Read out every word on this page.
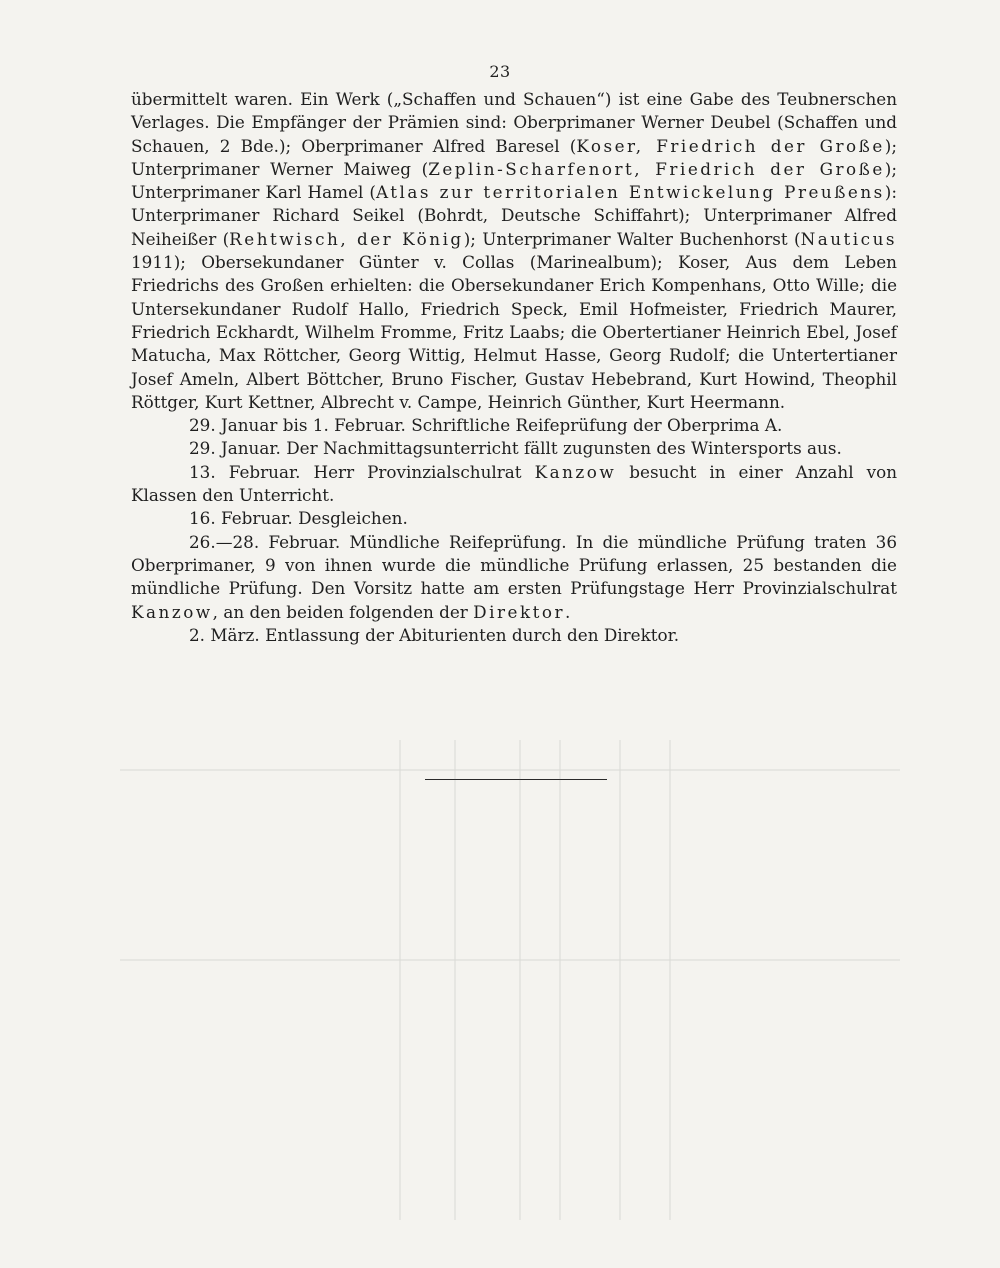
23

übermittelt waren. Ein Werk („Schaffen und Schauen“) ist eine Gabe des Teubnerschen Verlages. Die Empfänger der Prämien sind: Oberprimaner Werner Deubel (Schaffen und Schauen, 2 Bde.); Oberprimaner Alfred Baresel (Koser, Friedrich der Große); Unterprimaner Werner Maiweg (Zeplin-Scharfenort, Friedrich der Große); Unterprimaner Karl Hamel (Atlas zur territorialen Entwickelung Preußens): Unterprimaner Richard Seikel (Bohrdt, Deutsche Schiffahrt); Unterprimaner Alfred Neiheißer (Rehtwisch, der König); Unterprimaner Walter Buchenhorst (Nauticus 1911); Obersekundaner Günter v. Collas (Marinealbum); Koser, Aus dem Leben Friedrichs des Großen erhielten: die Obersekundaner Erich Kompenhans, Otto Wille; die Untersekundaner Rudolf Hallo, Friedrich Speck, Emil Hofmeister, Friedrich Maurer, Friedrich Eckhardt, Wilhelm Fromme, Fritz Laabs; die Obertertianer Heinrich Ebel, Josef Matucha, Max Röttcher, Georg Wittig, Helmut Hasse, Georg Rudolf; die Untertertianer Josef Ameln, Albert Böttcher, Bruno Fischer, Gustav Hebebrand, Kurt Howind, Theophil Röttger, Kurt Kettner, Albrecht v. Campe, Heinrich Günther, Kurt Heermann.

29. Januar bis 1. Februar. Schriftliche Reifeprüfung der Oberprima A.

29. Januar. Der Nachmittagsunterricht fällt zugunsten des Wintersports aus.

13. Februar. Herr Provinzialschulrat Kanzow besucht in einer Anzahl von Klassen den Unterricht.

16. Februar. Desgleichen.

26.—28. Februar. Mündliche Reifeprüfung. In die mündliche Prüfung traten 36 Oberprimaner, 9 von ihnen wurde die mündliche Prüfung erlassen, 25 bestanden die mündliche Prüfung. Den Vorsitz hatte am ersten Prüfungstage Herr Provinzialschulrat Kanzow, an den beiden folgenden der Direktor.

2. März. Entlassung der Abiturienten durch den Direktor.
